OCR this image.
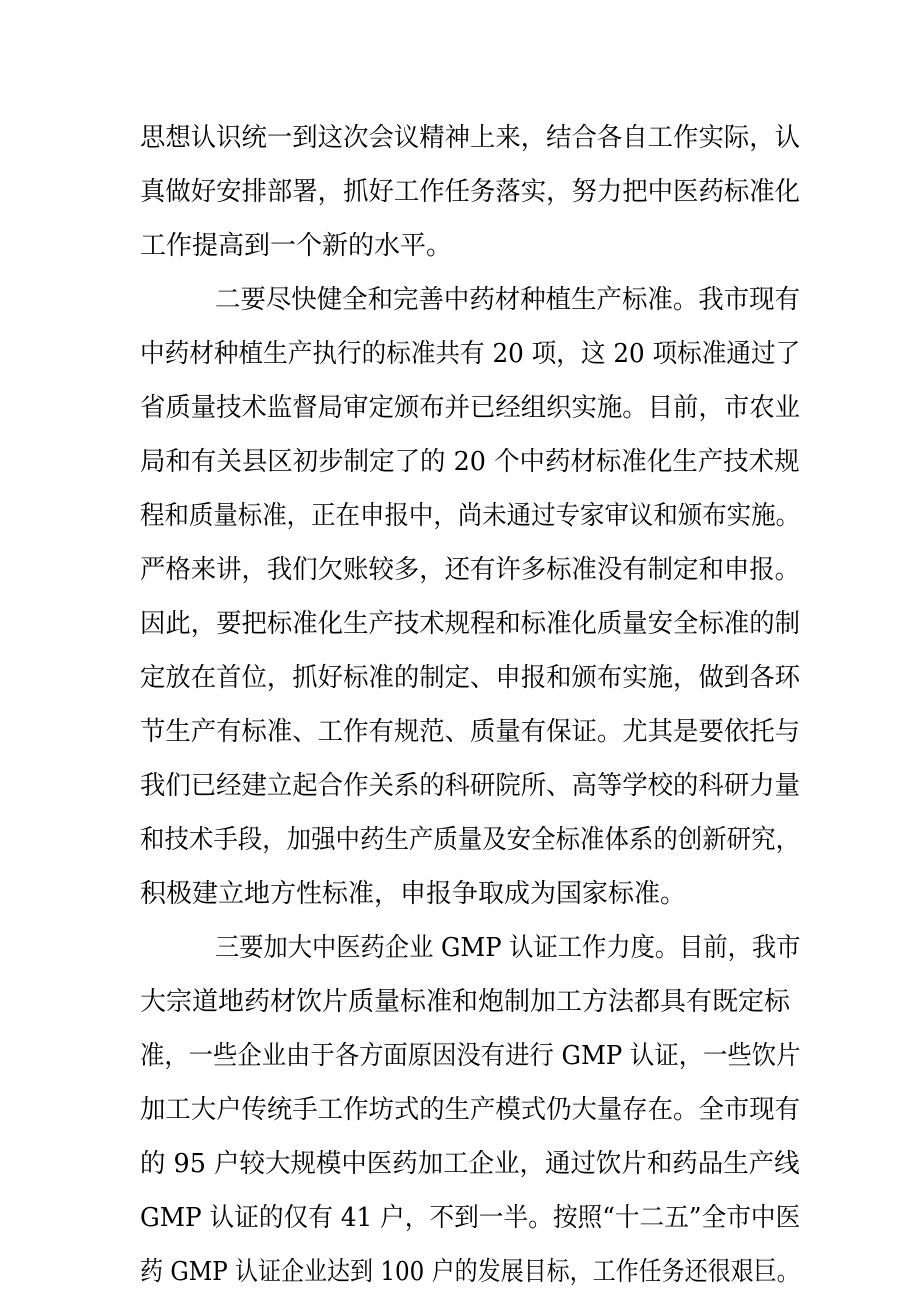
思想认识统一到这次会议精神上来，结合各自工作实际，认
真做好安排部署，抓好工作任务落实，努力把中医药标准化
工作提高到一个新的水平。
二要尽快健全和完善中药材种植生产标准。我市现有
中药材种植生产执行的标准共有 20 项，这 20 项标准通过了
省质量技术监督局审定颁布并已经组织实施。目前，市农业
局和有关县区初步制定了的 20 个中药材标准化生产技术规
程和质量标准，正在申报中，尚未通过专家审议和颁布实施。
严格来讲，我们欠账较多，还有许多标准没有制定和申报。
因此，要把标准化生产技术规程和标准化质量安全标准的制
定放在首位，抓好标准的制定、申报和颁布实施，做到各环
节生产有标准、工作有规范、质量有保证。尤其是要依托与
我们已经建立起合作关系的科研院所、高等学校的科研力量
和技术手段，加强中药生产质量及安全标准体系的创新研究，
积极建立地方性标准，申报争取成为国家标准。
三要加大中医药企业 GMP 认证工作力度。目前，我市
大宗道地药材饮片质量标准和炮制加工方法都具有既定标
准，一些企业由于各方面原因没有进行 GMP 认证，一些饮片
加工大户传统手工作坊式的生产模式仍大量存在。全市现有
的 95 户较大规模中医药加工企业，通过饮片和药品生产线
GMP 认证的仅有 41 户，不到一半。按照“十二五”全市中医
药 GMP 认证企业达到 100 户的发展目标，工作任务还很艰巨。
